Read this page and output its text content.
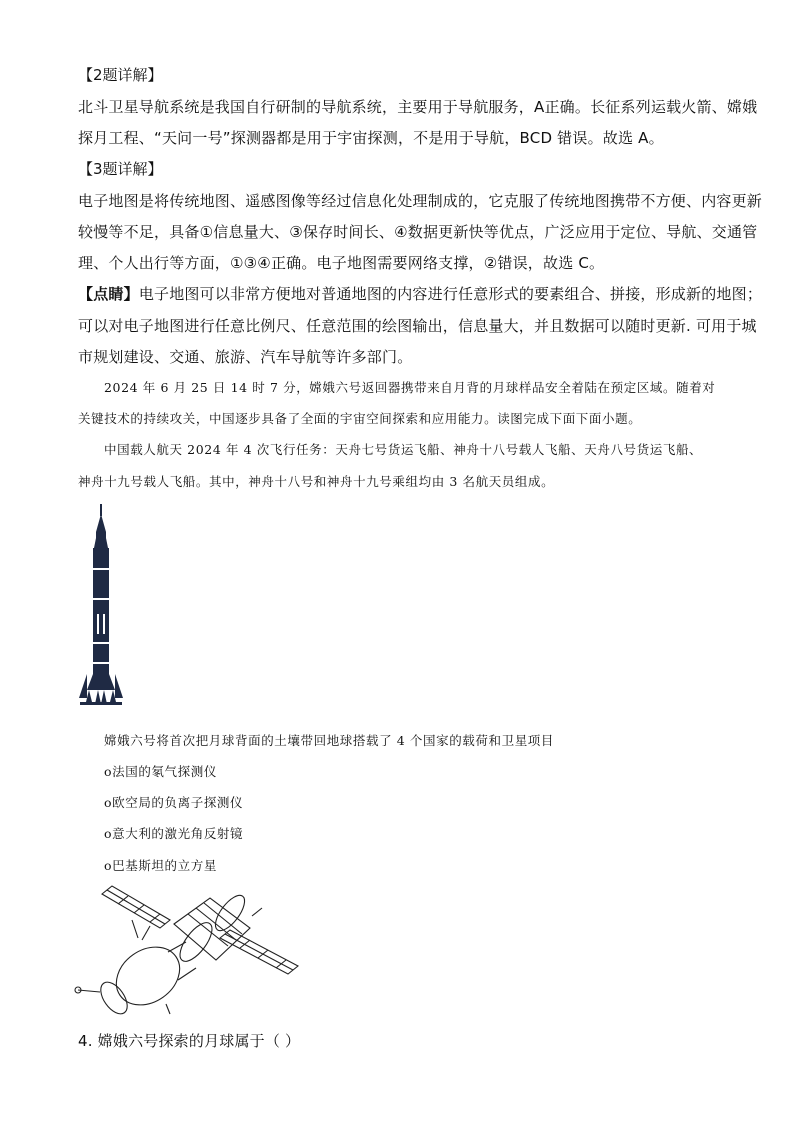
【2题详解】
北斗卫星导航系统是我国自行研制的导航系统，主要用于导航服务，A正确。长征系列运载火箭、嫦娥
探月工程、“天问一号”探测器都是用于宇宙探测，不是用于导航，BCD 错误。故选 A。
【3题详解】
电子地图是将传统地图、遥感图像等经过信息化处理制成的，它克服了传统地图携带不方便、内容更新
较慢等不足，具备①信息量大、③保存时间长、④数据更新快等优点，广泛应用于定位、导航、交通管
理、个人出行等方面，①③④正确。电子地图需要网络支撑，②错误，故选 C。
【点睛】电子地图可以非常方便地对普通地图的内容进行任意形式的要素组合、拼接，形成新的地图；
可以对电子地图进行任意比例尺、任意范围的绘图输出，信息量大，并且数据可以随时更新. 可用于城
市规划建设、交通、旅游、汽车导航等许多部门。
2024 年 6 月 25 日 14 时 7 分，嫦娥六号返回器携带来自月背的月球样品安全着陆在预定区域。随着对
关键技术的持续攻关，中国逐步具备了全面的宇宙空间探索和应用能力。读图完成下面下面小题。
中国载人航天 2024 年 4 次飞行任务：天舟七号货运飞船、神舟十八号载人飞船、天舟八号货运飞船、
神舟十九号载人飞船。其中，神舟十八号和神舟十九号乘组均由 3 名航天员组成。
嫦娥六号将首次把月球背面的土壤带回地球搭载了 4 个国家的载荷和卫星项目
o法国的氡气探测仪
o欧空局的负离子探测仪
o意大利的激光角反射镜
o巴基斯坦的立方星
4. 嫦娥六号探索的月球属于（ ）
